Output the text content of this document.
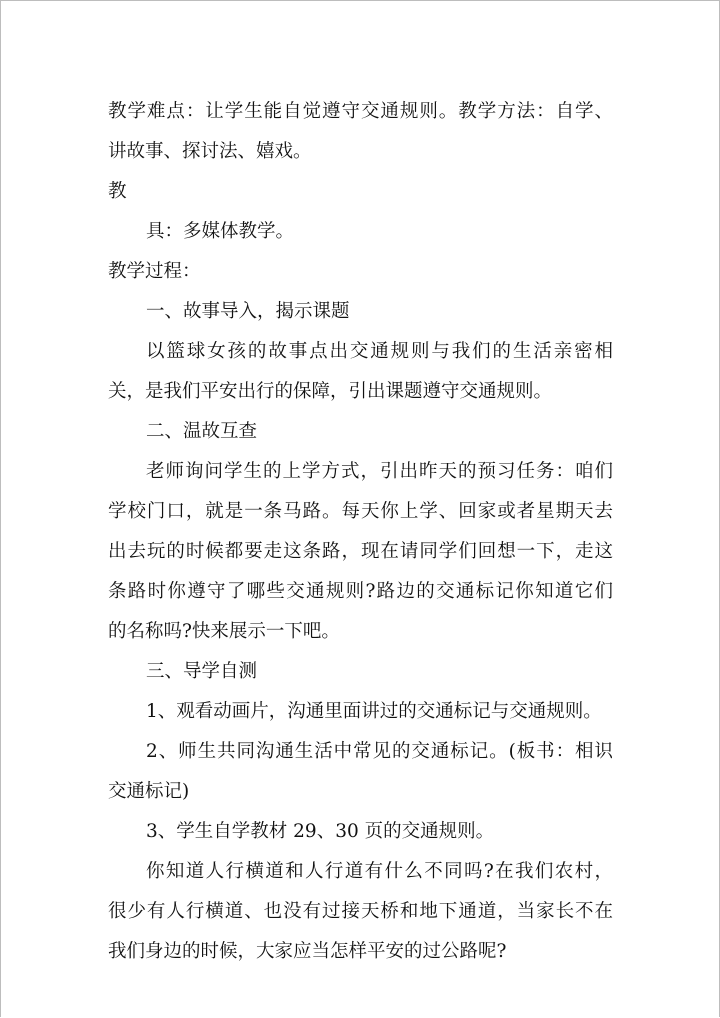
教学难点：让学生能自觉遵守交通规则。教学方法：自学、
讲故事、探讨法、嬉戏。
教
具：多媒体教学。
教学过程：
一、故事导入，揭示课题
以篮球女孩的故事点出交通规则与我们的生活亲密相
关，是我们平安出行的保障，引出课题遵守交通规则。
二、温故互查
老师询问学生的上学方式，引出昨天的预习任务：咱们
学校门口，就是一条马路。每天你上学、回家或者星期天去
出去玩的时候都要走这条路，现在请同学们回想一下，走这
条路时你遵守了哪些交通规则?路边的交通标记你知道它们
的名称吗?快来展示一下吧。
三、导学自测
1、观看动画片，沟通里面讲过的交通标记与交通规则。
2、师生共同沟通生活中常见的交通标记。(板书：相识
交通标记)
3、学生自学教材 29、30 页的交通规则。
你知道人行横道和人行道有什么不同吗?在我们农村，
很少有人行横道、也没有过接天桥和地下通道，当家长不在
我们身边的时候，大家应当怎样平安的过公路呢?
